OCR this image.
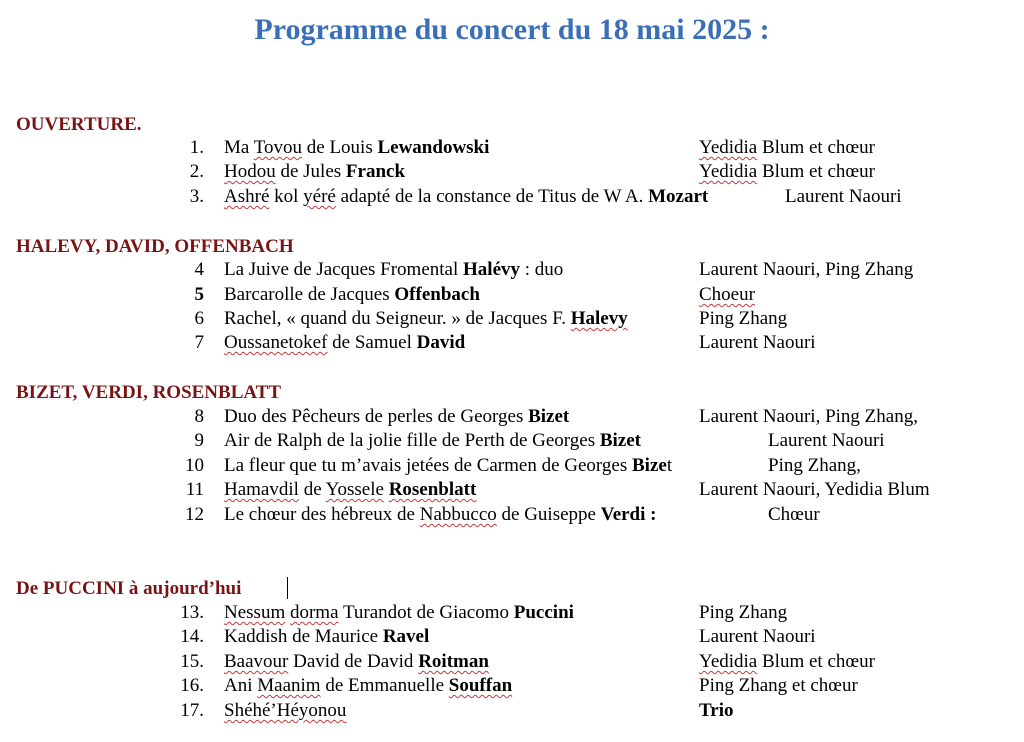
Programme du concert du 18 mai 2025 :
OUVERTURE.
HALEVY, DAVID, OFFENBACH
BIZET, VERDI, ROSENBLATT
De PUCCINI à aujourd’hui
1. Ma Tovou de Louis Lewandowski	Yedidia Blum et chœur
2. Hodou de Jules Franck	Yedidia Blum et chœur
3. Ashré kol yéré adapté de la constance de Titus de W A. Mozart	Laurent Naouri
4 La Juive de Jacques Fromental Halévy : duo	Laurent Naouri, Ping Zhang
5 Barcarolle de Jacques Offenbach	Choeur
6 Rachel, « quand du Seigneur. » de Jacques F. Halevy	Ping Zhang
7 Oussanetokef de Samuel David	Laurent Naouri
8 Duo des Pêcheurs de perles de Georges Bizet	Laurent Naouri, Ping Zhang,
9 Air de Ralph de la jolie fille de Perth de Georges Bizet	Laurent Naouri
10 La fleur que tu m’avais jetées de Carmen de Georges Bizet	Ping Zhang,
11 Hamavdil de Yossele Rosenblatt	Laurent Naouri, Yedidia Blum
12 Le chœur des hébreux de Nabbucco de Guiseppe Verdi :	Chœur
13. Nessum dorma Turandot de Giacomo Puccini	Ping Zhang
14. Kaddish de Maurice Ravel	Laurent Naouri
15. Baavour David de David Roitman	Yedidia Blum et chœur
16. Ani Maanim de Emmanuelle Souffan	Ping Zhang et chœur
17. Shéhé’Héyonou	Trio
